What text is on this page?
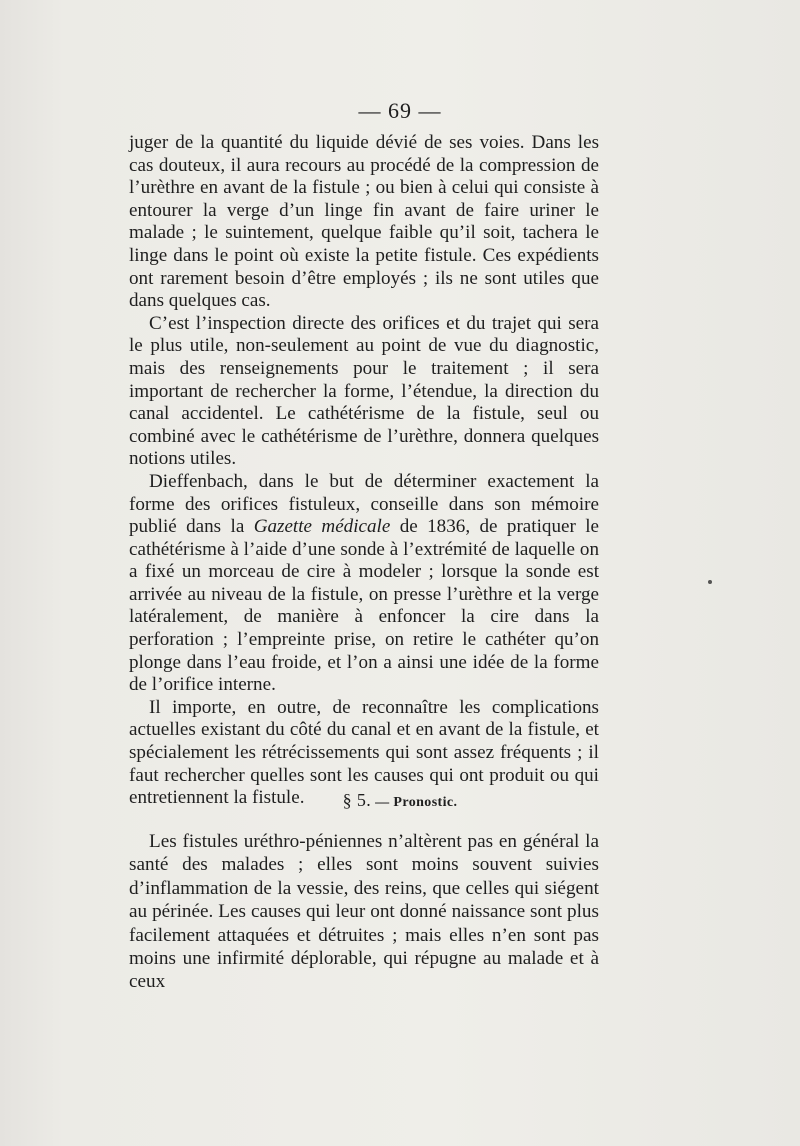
— 69 —

juger de la quantité du liquide dévié de ses voies. Dans les cas douteux, il aura recours au procédé de la compression de l’urèthre en avant de la fistule ; ou bien à celui qui consiste à entourer la verge d’un linge fin avant de faire uriner le malade ; le suintement, quelque faible qu’il soit, tachera le linge dans le point où existe la petite fistule. Ces expédients ont rarement besoin d’être employés ; ils ne sont utiles que dans quelques cas.

C’est l’inspection directe des orifices et du trajet qui sera le plus utile, non-seulement au point de vue du diagnostic, mais des renseignements pour le traitement ; il sera important de rechercher la forme, l’étendue, la direction du canal accidentel. Le cathétérisme de la fistule, seul ou combiné avec le cathétérisme de l’urèthre, donnera quelques notions utiles.

Dieffenbach, dans le but de déterminer exactement la forme des orifices fistuleux, conseille dans son mémoire publié dans la Gazette médicale de 1836, de pratiquer le cathétérisme à l’aide d’une sonde à l’extrémité de laquelle on a fixé un morceau de cire à modeler ; lorsque la sonde est arrivée au niveau de la fistule, on presse l’urèthre et la verge latéralement, de manière à enfoncer la cire dans la perforation ; l’empreinte prise, on retire le cathéter qu’on plonge dans l’eau froide, et l’on a ainsi une idée de la forme de l’orifice interne.

Il importe, en outre, de reconnaître les complications actuelles existant du côté du canal et en avant de la fistule, et spécialement les rétrécissements qui sont assez fréquents ; il faut rechercher quelles sont les causes qui ont produit ou qui entretiennent la fistule.	§ 5. — Pronostic.

Les fistules uréthro-péniennes n’altèrent pas en général la santé des malades ; elles sont moins souvent suivies d’inflammation de la vessie, des reins, que celles qui siégent au périnée. Les causes qui leur ont donné naissance sont plus facilement attaquées et détruites ; mais elles n’en sont pas moins une infirmité déplorable, qui répugne au malade et à ceux
